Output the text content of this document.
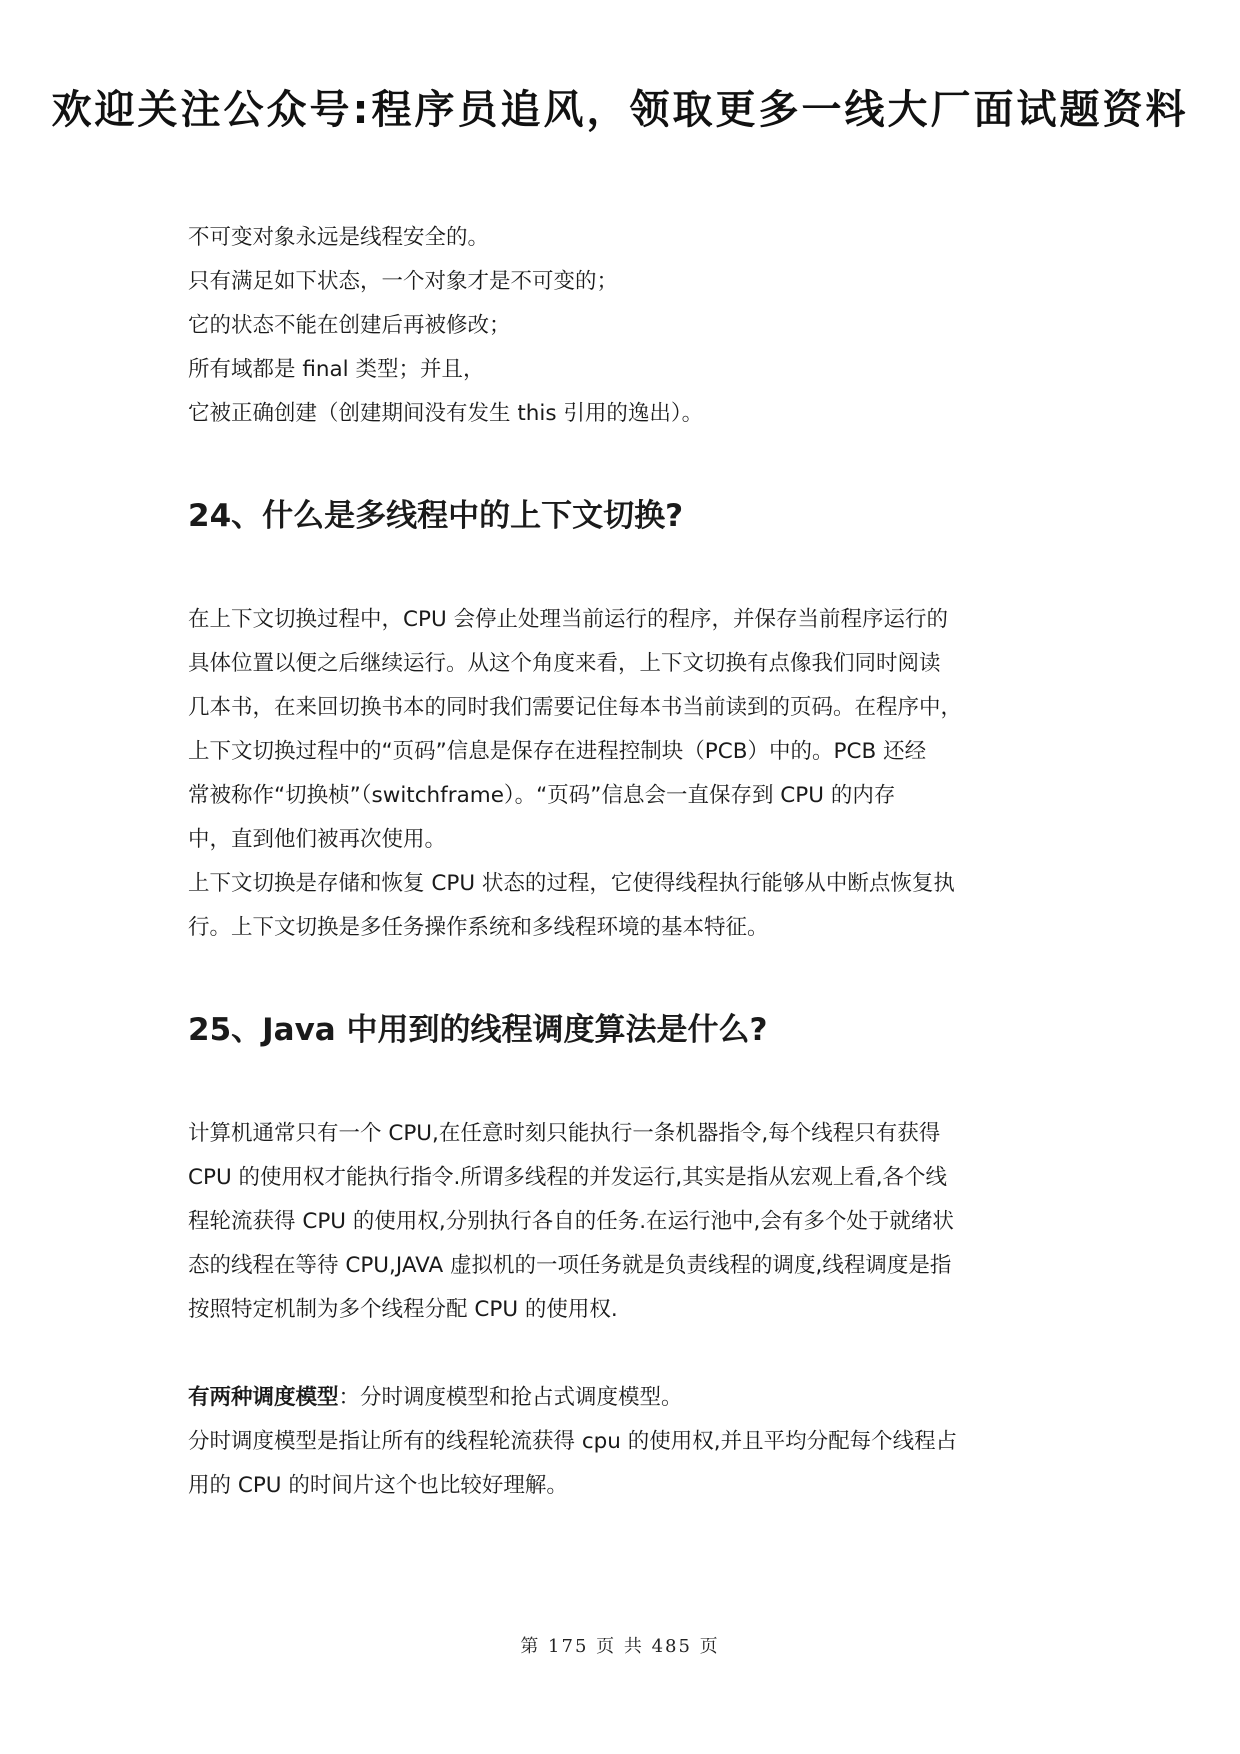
欢迎关注公众号:程序员追风，领取更多一线大厂面试题资料

不可变对象永远是线程安全的。

只有满足如下状态，一个对象才是不可变的；

它的状态不能在创建后再被修改；

所有域都是 final 类型；并且，

它被正确创建（创建期间没有发生 this 引用的逸出）。

24、什么是多线程中的上下文切换?

在上下文切换过程中，CPU 会停止处理当前运行的程序，并保存当前程序运行的

具体位置以便之后继续运行。从这个角度来看，上下文切换有点像我们同时阅读

几本书，在来回切换书本的同时我们需要记住每本书当前读到的页码。在程序中，

上下文切换过程中的“页码”信息是保存在进程控制块（PCB）中的。PCB 还经

常被称作“切换桢”（switchframe）。“页码”信息会一直保存到 CPU 的内存

中，直到他们被再次使用。

上下文切换是存储和恢复 CPU 状态的过程，它使得线程执行能够从中断点恢复执

行。上下文切换是多任务操作系统和多线程环境的基本特征。

25、Java 中用到的线程调度算法是什么?

计算机通常只有一个 CPU,在任意时刻只能执行一条机器指令,每个线程只有获得

CPU 的使用权才能执行指令.所谓多线程的并发运行,其实是指从宏观上看,各个线

程轮流获得 CPU 的使用权,分别执行各自的任务.在运行池中,会有多个处于就绪状

态的线程在等待 CPU,JAVA 虚拟机的一项任务就是负责线程的调度,线程调度是指

按照特定机制为多个线程分配 CPU 的使用权.

有两种调度模型：分时调度模型和抢占式调度模型。

分时调度模型是指让所有的线程轮流获得 cpu 的使用权,并且平均分配每个线程占

用的 CPU 的时间片这个也比较好理解。

第 175 页 共 485 页
